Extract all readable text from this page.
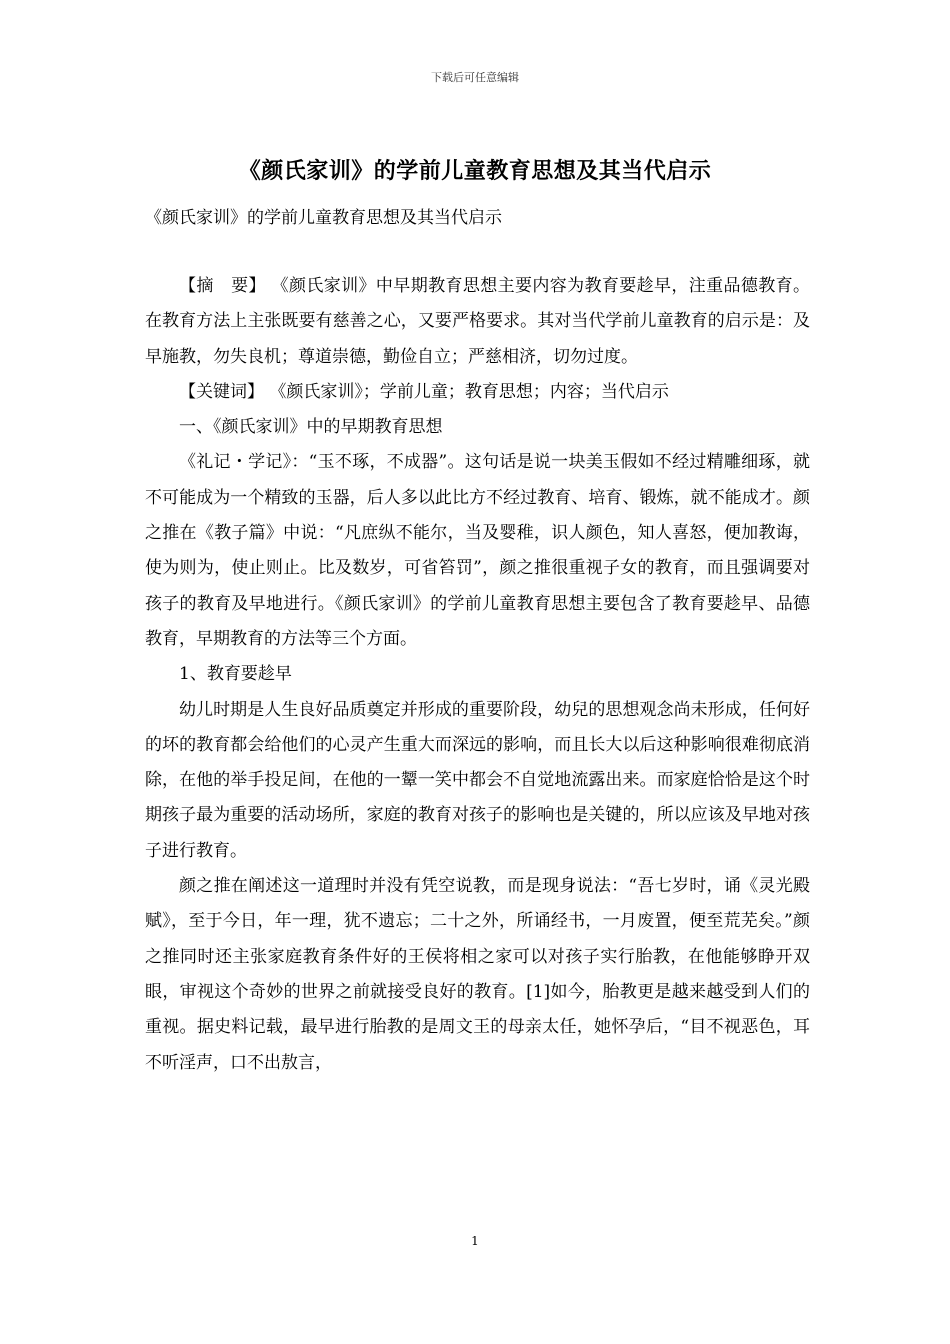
下载后可任意编辑
《颜氏家训》的学前儿童教育思想及其当代启示
《颜氏家训》的学前儿童教育思想及其当代启示

【摘　要】 《颜氏家训》中早期教育思想主要内容为教育要趁早，注重品德教育。在教育方法上主张既要有慈善之心，又要严格要求。其对当代学前儿童教育的启示是：及早施教，勿失良机；尊道崇德，勤俭自立；严慈相济，切勿过度。

【关键词】 《颜氏家训》；学前儿童；教育思想；内容；当代启示

一、《颜氏家训》中的早期教育思想

《礼记・学记》：“玉不琢，不成器”。这句话是说一块美玉假如不经过精雕细琢，就不可能成为一个精致的玉器，后人多以此比方不经过教育、培育、锻炼，就不能成才。颜之推在《教子篇》中说：“凡庶纵不能尔，当及婴稚，识人颜色，知人喜怒，便加教诲，使为则为，使止则止。比及数岁，可省笞罚”，颜之推很重视子女的教育，而且强调要对孩子的教育及早地进行。《颜氏家训》的学前儿童教育思想主要包含了教育要趁早、品德教育，早期教育的方法等三个方面。

1、教育要趁早

幼儿时期是人生良好品质奠定并形成的重要阶段，幼兒的思想观念尚未形成，任何好的坏的教育都会给他们的心灵产生重大而深远的影响，而且长大以后这种影响很难彻底消除，在他的举手投足间，在他的一颦一笑中都会不自觉地流露出来。而家庭恰恰是这个时期孩子最为重要的活动场所，家庭的教育对孩子的影响也是关键的，所以应该及早地对孩子进行教育。

颜之推在阐述这一道理时并没有凭空说教，而是现身说法：“吾七岁时，诵《灵光殿赋》，至于今日，年一理，犹不遗忘；二十之外，所诵经书，一月废置，便至荒芜矣。”颜之推同时还主张家庭教育条件好的王侯将相之家可以对孩子实行胎教，在他能够睁开双眼，审视这个奇妙的世界之前就接受良好的教育。[1]如今，胎教更是越来越受到人们的重视。据史料记载，最早进行胎教的是周文王的母亲太任，她怀孕后，“目不视恶色，耳不听淫声，口不出敖言，

1
